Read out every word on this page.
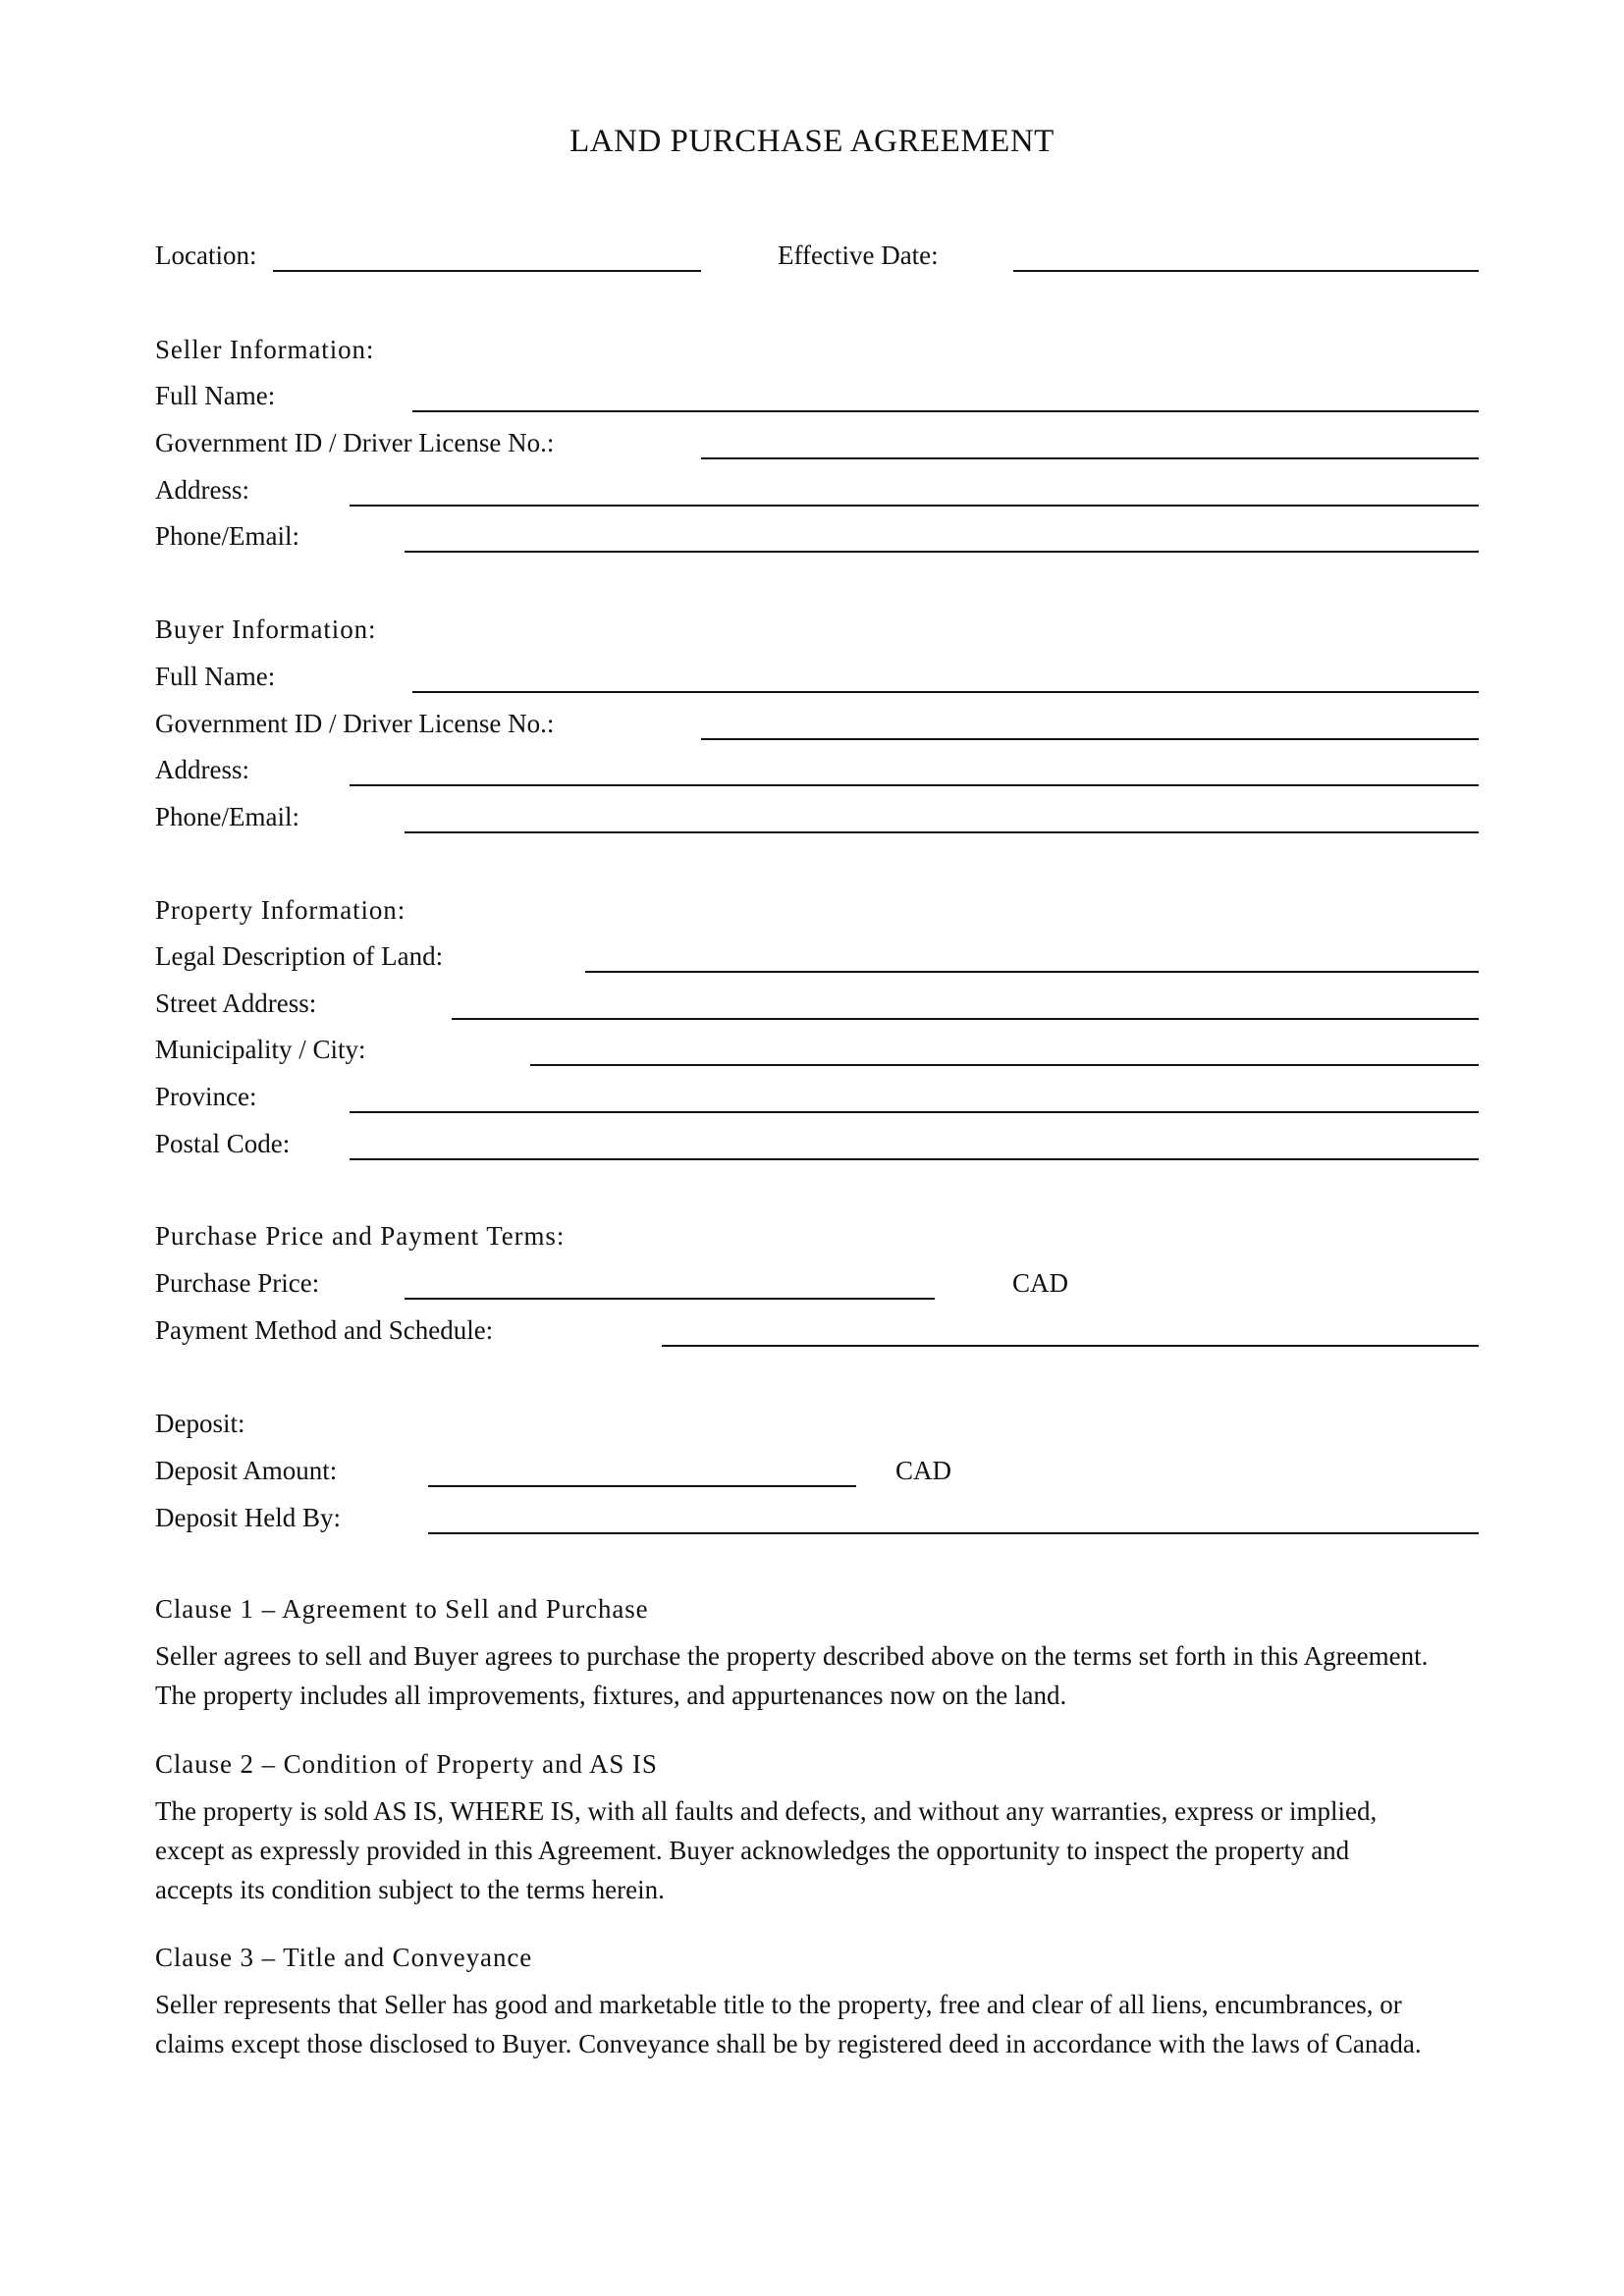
LAND PURCHASE AGREEMENT
Location:	Effective Date:
Seller Information:
Full Name:
Government ID / Driver License No.:
Address:
Phone/Email:
Buyer Information:
Full Name:
Government ID / Driver License No.:
Address:
Phone/Email:
Property Information:
Legal Description of Land:
Street Address:
Municipality / City:
Province:
Postal Code:
Purchase Price and Payment Terms:
Purchase Price:	CAD
Payment Method and Schedule:
Deposit:
Deposit Amount:	CAD
Deposit Held By:
Clause 1 – Agreement to Sell and Purchase
Seller agrees to sell and Buyer agrees to purchase the property described above on the terms set forth in this Agreement.
The property includes all improvements, fixtures, and appurtenances now on the land.
Clause 2 – Condition of Property and AS IS
The property is sold AS IS, WHERE IS, with all faults and defects, and without any warranties, express or implied,
except as expressly provided in this Agreement. Buyer acknowledges the opportunity to inspect the property and
accepts its condition subject to the terms herein.
Clause 3 – Title and Conveyance
Seller represents that Seller has good and marketable title to the property, free and clear of all liens, encumbrances, or
claims except those disclosed to Buyer. Conveyance shall be by registered deed in accordance with the laws of Canada.
